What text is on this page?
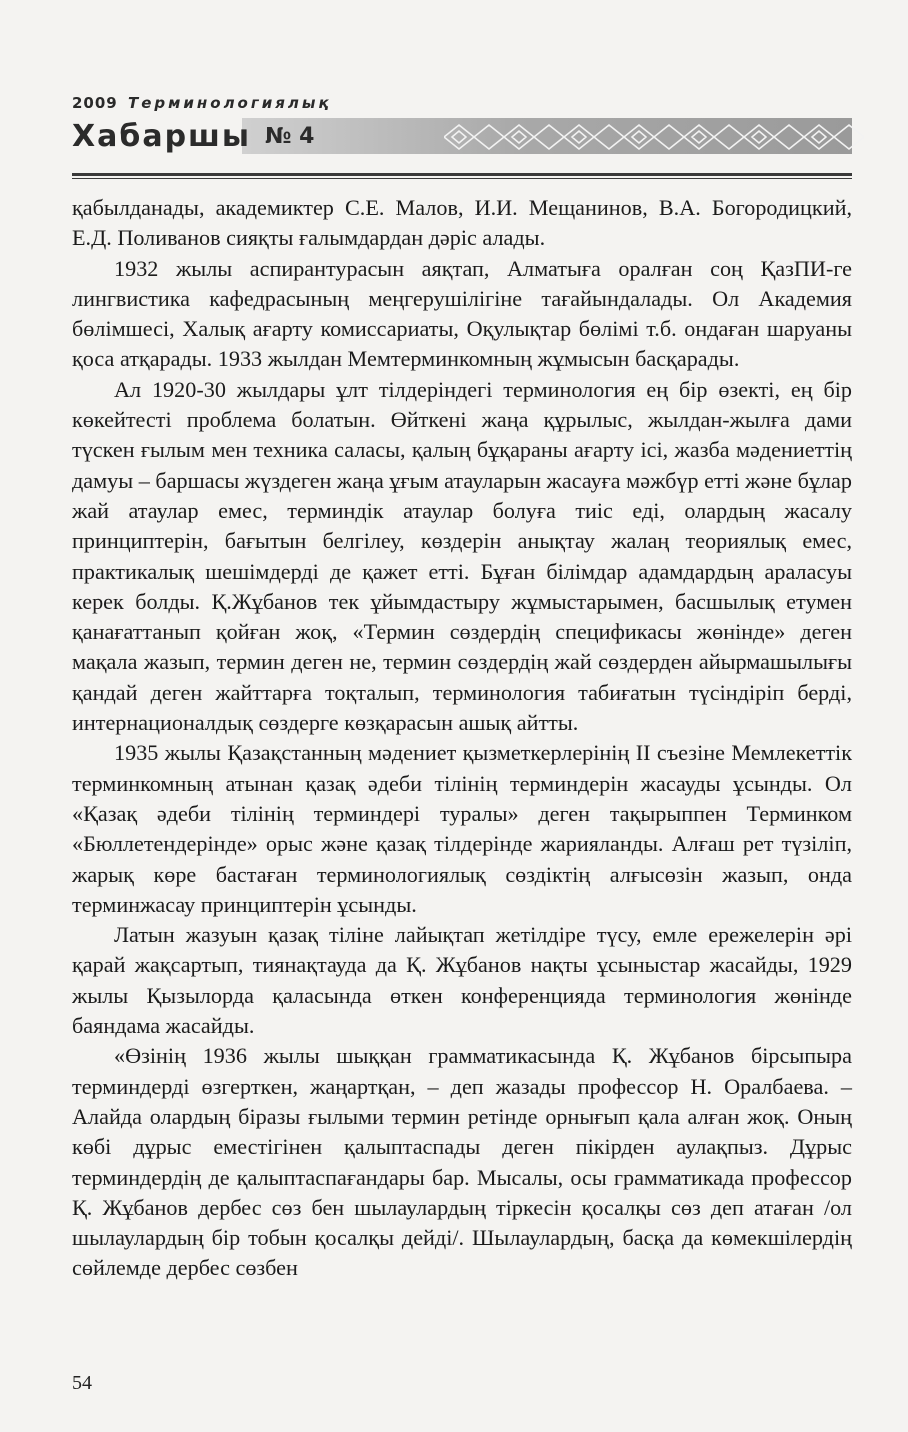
2009 Терминологиялық
Хабаршы № 4

қабылданады, академиктер С.Е. Малов, И.И. Мещанинов, В.А. Богородицкий, Е.Д. Поливанов сияқты ғалымдардан дәріс алады.

1932 жылы аспирантурасын аяқтап, Алматыға оралған соң ҚазПИ-ге лингвистика кафедрасының меңгерушілігіне тағайындалады. Ол Академия бөлімшесі, Халық ағарту комиссариаты, Оқулықтар бөлімі т.б. ондаған шаруаны қоса атқарады. 1933 жылдан Мемтерминкомның жұмысын басқарады.

Ал 1920-30 жылдары ұлт тілдеріндегі терминология ең бір өзекті, ең бір көкейтесті проблема болатын. Өйткені жаңа құрылыс, жылдан-жылға дами түскен ғылым мен техника саласы, қалың бұқараны ағарту ісі, жазба мәдениеттің дамуы – баршасы жүздеген жаңа ұғым атауларын жасауға мәжбүр етті және бұлар жай атаулар емес, терминдік атаулар болуға тиіс еді, олардың жасалу принциптерін, бағытын белгілеу, көздерін анықтау жалаң теориялық емес, практикалық шешімдерді де қажет етті. Бұған білімдар адамдардың араласуы керек болды. Қ.Жұбанов тек ұйымдастыру жұмыстарымен, басшылық етумен қанағаттанып қойған жоқ, «Термин сөздердің спецификасы жөнінде» деген мақала жазып, термин деген не, термин сөздердің жай сөздерден айырмашылығы қандай деген жайттарға тоқталып, терминология табиғатын түсіндіріп берді, интернационалдық сөздерге көзқарасын ашық айтты.

1935 жылы Қазақстанның мәдениет қызметкерлерінің ІІ съезіне Мемлекеттік терминкомның атынан қазақ әдеби тілінің терминдерін жасауды ұсынды. Ол «Қазақ әдеби тілінің терминдері туралы» деген тақырыппен Терминком «Бюллетендерінде» орыс және қазақ тілдерінде жарияланды. Алғаш рет түзіліп, жарық көре бастаған терминологиялық сөздіктің алғысөзін жазып, онда терминжасау принциптерін ұсынды.

Латын жазуын қазақ тіліне лайықтап жетілдіре түсу, емле ережелерін әрі қарай жақсартып, тиянақтауда да Қ. Жұбанов нақты ұсыныстар жасайды, 1929 жылы Қызылорда қаласында өткен конференцияда терминология жөнінде баяндама жасайды.

«Өзінің 1936 жылы шыққан грамматикасында Қ. Жұбанов бірсыпыра терминдерді өзгерткен, жаңартқан, – деп жазады профессор Н. Оралбаева. – Алайда олардың біразы ғылыми термин ретінде орнығып қала алған жоқ. Оның көбі дұрыс еместігінен қалыптаспады деген пікірден аулақпыз. Дұрыс терминдердің де қалыптаспағандары бар. Мысалы, осы грамматикада профессор Қ. Жұбанов дербес сөз бен шылаулардың тіркесін қосалқы сөз деп атаған /ол шылаулардың бір тобын қосалқы дейді/. Шылаулардың, басқа да көмекшілердің сөйлемде дербес сөзбен

54
